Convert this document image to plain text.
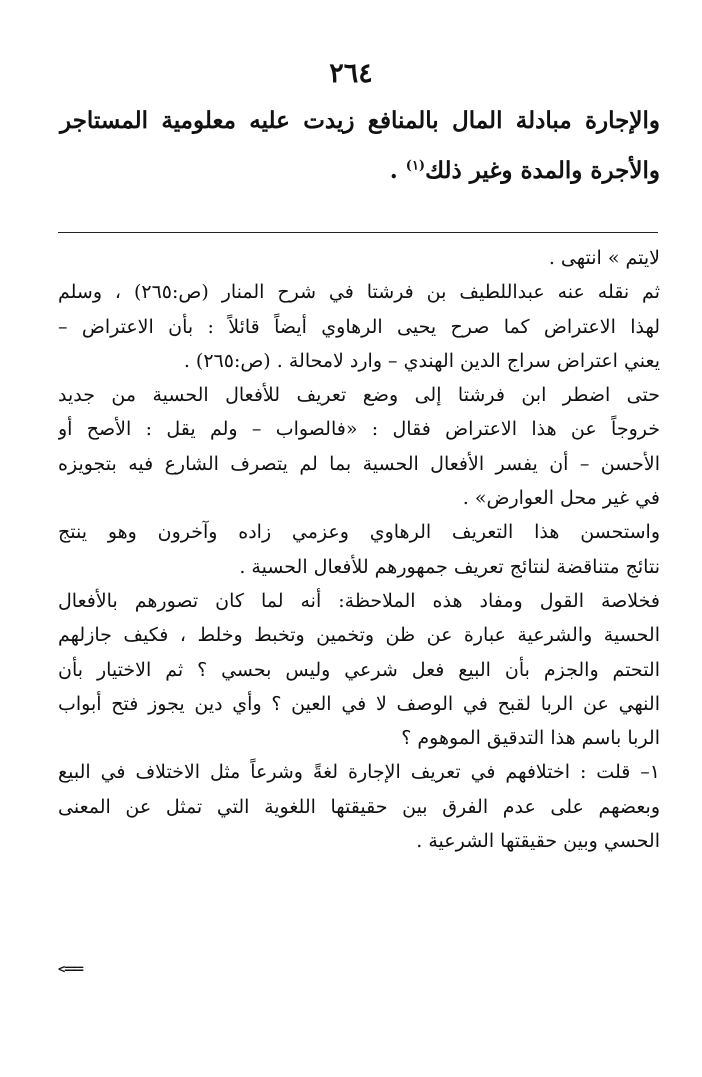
٢٦٤

والإجارة مبادلة المال بالمنافع زيدت عليه معلومية المستاجر والأجرة والمدة وغير ذلك$^{(١)}$ .

لايتم » انتهى .
ثم نقله عنه عبداللطيف بن فرشتا في شرح المنار (ص:٢٦٥) ، وسلم
لهذا الاعتراض كما صرح يحيى الرهاوي أيضاً قائلاً : بأن الاعتراض –
يعني اعتراض سراج الدين الهندي – وارد لامحالة . (ص:٢٦٥) .
حتى اضطر ابن فرشتا إلى وضع تعريف للأفعال الحسية من جديد
خروجاً عن هذا الاعتراض فقال : «فالصواب – ولم يقل : الأصح أو
الأحسن – أن يفسر الأفعال الحسية بما لم يتصرف الشارع فيه بتجويزه
في غير محل العوارض» .
واستحسن هذا التعريف الرهاوي وعزمي زاده وآخرون وهو ينتج
نتائج متناقضة لنتائج تعريف جمهورهم للأفعال الحسية .
فخلاصة القول ومفاد هذه الملاحظة: أنه لما كان تصورهم بالأفعال
الحسية والشرعية عبارة عن ظن وتخمين وتخبط وخلط ، فكيف جازلهم
التحتم والجزم بأن البيع فعل شرعي وليس بحسي ؟ ثم الاختيار بأن
النهي عن الربا لقبح في الوصف لا في العين ؟ وأي دين يجوز فتح أبواب
الربا باسم هذا التدقيق الموهوم ؟
١– قلت : اختلافهم في تعريف الإجارة لغةً وشرعاً مثل الاختلاف في البيع
وبعضهم على عدم الفرق بين حقيقتها اللغوية التي تمثل عن المعنى
الحسي وبين حقيقتها الشرعية .
<===
